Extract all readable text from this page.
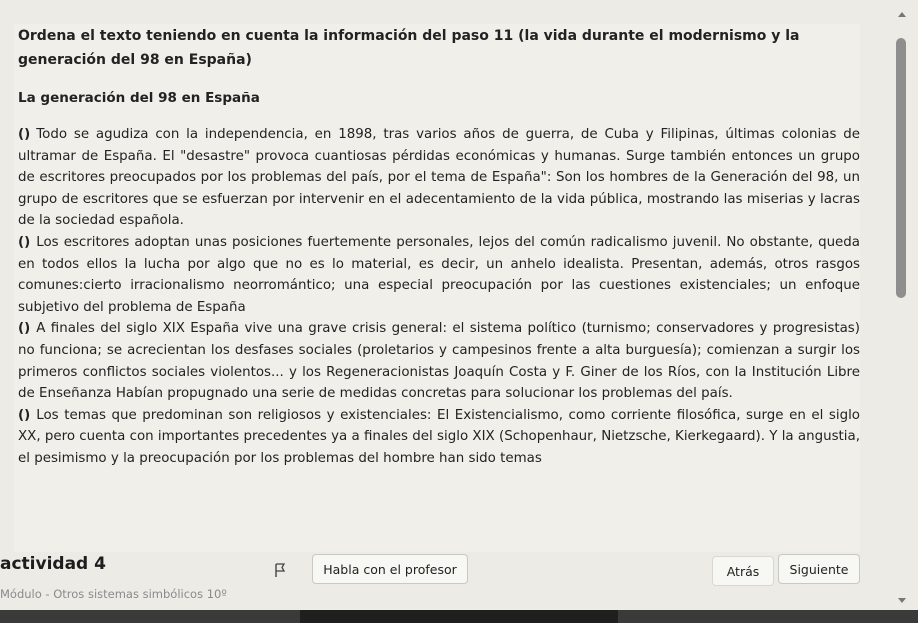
Ordena el texto teniendo en cuenta la información del paso 11 (la vida durante el modernismo y la generación del 98 en España)
La generación del 98 en España

() Todo se agudiza con la independencia, en 1898, tras varios años de guerra, de Cuba y Filipinas, últimas colonias de ultramar de España. El "desastre" provoca cuantiosas pérdidas económicas y humanas. Surge también entonces un grupo de escritores preocupados por los problemas del país, por el tema de España": Son los hombres de la Generación del 98, un grupo de escritores que se esfuerzan por intervenir en el adecentamiento de la vida pública, mostrando las miserias y lacras de la sociedad española.

() Los escritores adoptan unas posiciones fuertemente personales, lejos del común radicalismo juvenil. No obstante, queda en todos ellos la lucha por algo que no es lo material, es decir, un anhelo idealista. Presentan, además, otros rasgos comunes:cierto irracionalismo neorromántico; una especial preocupación por las cuestiones existenciales; un enfoque subjetivo del problema de España

() A finales del siglo XIX España vive una grave crisis general: el sistema político (turnismo; conservadores y progresistas) no funciona; se acrecientan los desfases sociales (proletarios y campesinos frente a alta burguesía); comienzan a surgir los primeros conflictos sociales violentos... y los Regeneracionistas Joaquín Costa y F. Giner de los Ríos, con la Institución Libre de Enseñanza Habían propugnado una serie de medidas concretas para solucionar los problemas del país.

() Los temas que predominan son religiosos y existenciales: El Existencialismo, como corriente filosófica, surge en el siglo XX, pero cuenta con importantes precedentes ya a finales del siglo XIX (Schopenhaur, Nietzsche, Kierkegaard). Y la angustia, el pesimismo y la preocupación por los problemas del hombre han sido temas

actividad 4
Módulo - Otros sistemas simbólicos 10º
Habla con el profesor	Atrás	Siguiente
